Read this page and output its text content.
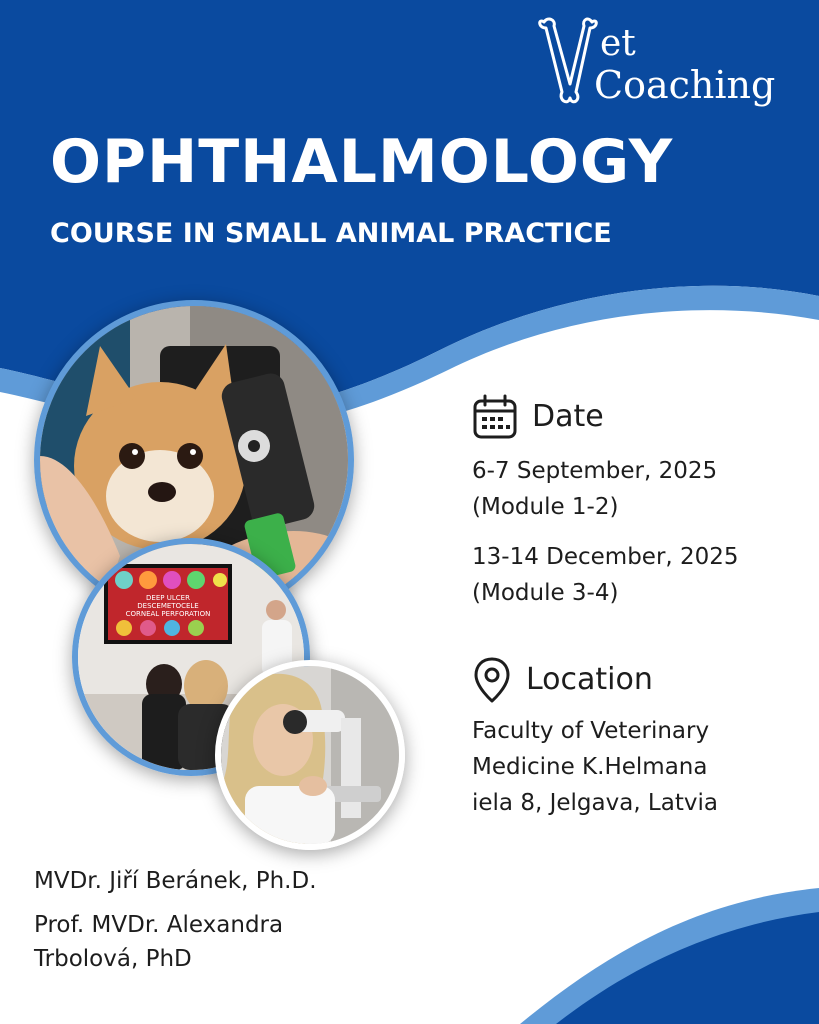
et
Coaching
OPHTHALMOLOGY
COURSE IN SMALL ANIMAL PRACTICE
DEEP ULCER
DESCEMETOCELE
CORNEAL PERFORATION
Date

6-7 September, 2025

(Module 1-2)

13-14 December, 2025

(Module 3-4)

Location

Faculty of Veterinary

Medicine K.Helmana

iela 8, Jelgava, Latvia

MVDr. Jiří Beránek, Ph.D.

Prof. MVDr. Alexandra

Trbolová, PhD
